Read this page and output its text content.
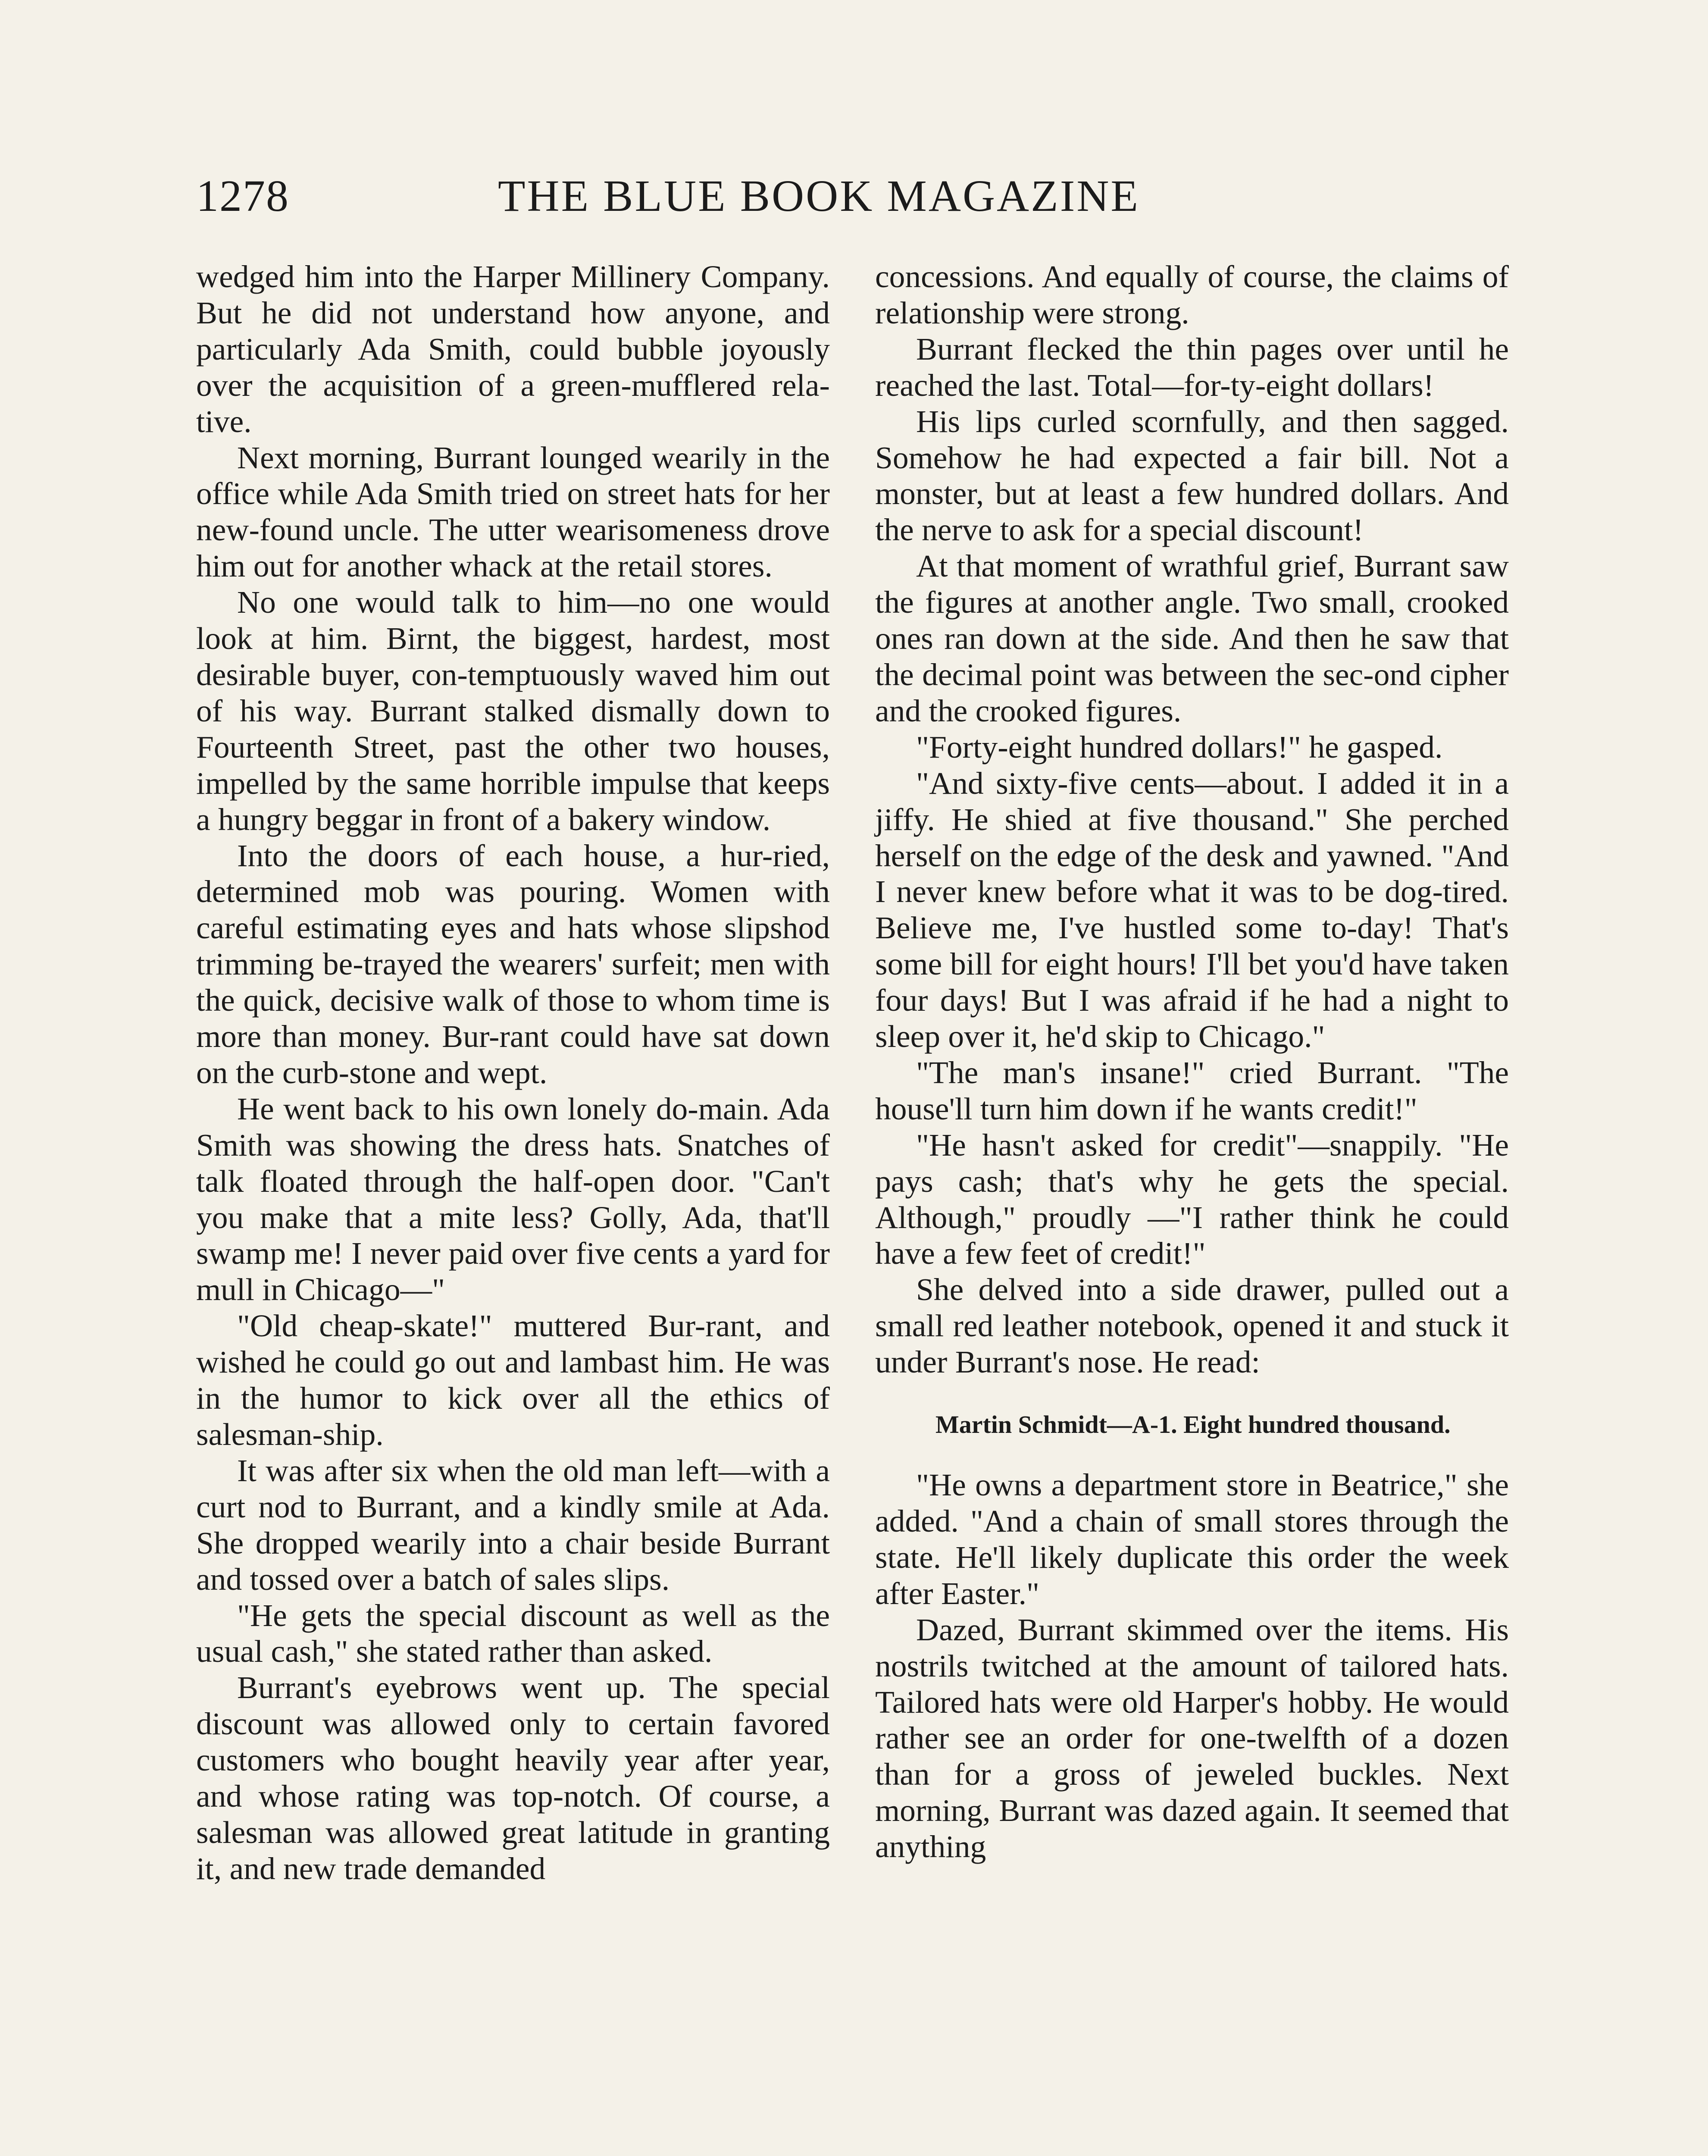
1278	THE BLUE BOOK MAGAZINE

wedged him into the Harper Millinery Company. But he did not understand how anyone, and particularly Ada Smith, could bubble joyously over the acquisition of a green-mufflered rela-tive.

Next morning, Burrant lounged wearily in the office while Ada Smith tried on street hats for her new-found uncle. The utter wearisomeness drove him out for another whack at the retail stores.

No one would talk to him—no one would look at him. Birnt, the biggest, hardest, most desirable buyer, con-temptuously waved him out of his way. Burrant stalked dismally down to Fourteenth Street, past the other two houses, impelled by the same horrible impulse that keeps a hungry beggar in front of a bakery window.

Into the doors of each house, a hur-ried, determined mob was pouring. Women with careful estimating eyes and hats whose slipshod trimming be-trayed the wearers' surfeit; men with the quick, decisive walk of those to whom time is more than money. Bur-rant could have sat down on the curb-stone and wept.

He went back to his own lonely do-main. Ada Smith was showing the dress hats. Snatches of talk floated through the half-open door. "Can't you make that a mite less? Golly, Ada, that'll swamp me! I never paid over five cents a yard for mull in Chicago—"

"Old cheap-skate!" muttered Bur-rant, and wished he could go out and lambast him. He was in the humor to kick over all the ethics of salesman-ship.

It was after six when the old man left—with a curt nod to Burrant, and a kindly smile at Ada. She dropped wearily into a chair beside Burrant and tossed over a batch of sales slips.

"He gets the special discount as well as the usual cash," she stated rather than asked.

Burrant's eyebrows went up. The special discount was allowed only to certain favored customers who bought heavily year after year, and whose rating was top-notch. Of course, a salesman was allowed great latitude in granting it, and new trade demanded

concessions. And equally of course, the claims of relationship were strong.

Burrant flecked the thin pages over until he reached the last. Total—for-ty-eight dollars!

His lips curled scornfully, and then sagged. Somehow he had expected a fair bill. Not a monster, but at least a few hundred dollars. And the nerve to ask for a special discount!

At that moment of wrathful grief, Burrant saw the figures at another angle. Two small, crooked ones ran down at the side. And then he saw that the decimal point was between the sec-ond cipher and the crooked figures.

"Forty-eight hundred dollars!" he gasped.

"And sixty-five cents—about. I added it in a jiffy. He shied at five thousand." She perched herself on the edge of the desk and yawned. "And I never knew before what it was to be dog-tired. Believe me, I've hustled some to-day! That's some bill for eight hours! I'll bet you'd have taken four days! But I was afraid if he had a night to sleep over it, he'd skip to Chicago."

"The man's insane!" cried Burrant. "The house'll turn him down if he wants credit!"

"He hasn't asked for credit"—snappily. "He pays cash; that's why he gets the special. Although," proudly —"I rather think he could have a few feet of credit!"

She delved into a side drawer, pulled out a small red leather notebook, opened it and stuck it under Burrant's nose. He read:

Martin Schmidt—A-1. Eight hundred thousand.

"He owns a department store in Beatrice," she added. "And a chain of small stores through the state. He'll likely duplicate this order the week after Easter."

Dazed, Burrant skimmed over the items. His nostrils twitched at the amount of tailored hats. Tailored hats were old Harper's hobby. He would rather see an order for one-twelfth of a dozen than for a gross of jeweled buckles. Next morning, Burrant was dazed again. It seemed that anything
